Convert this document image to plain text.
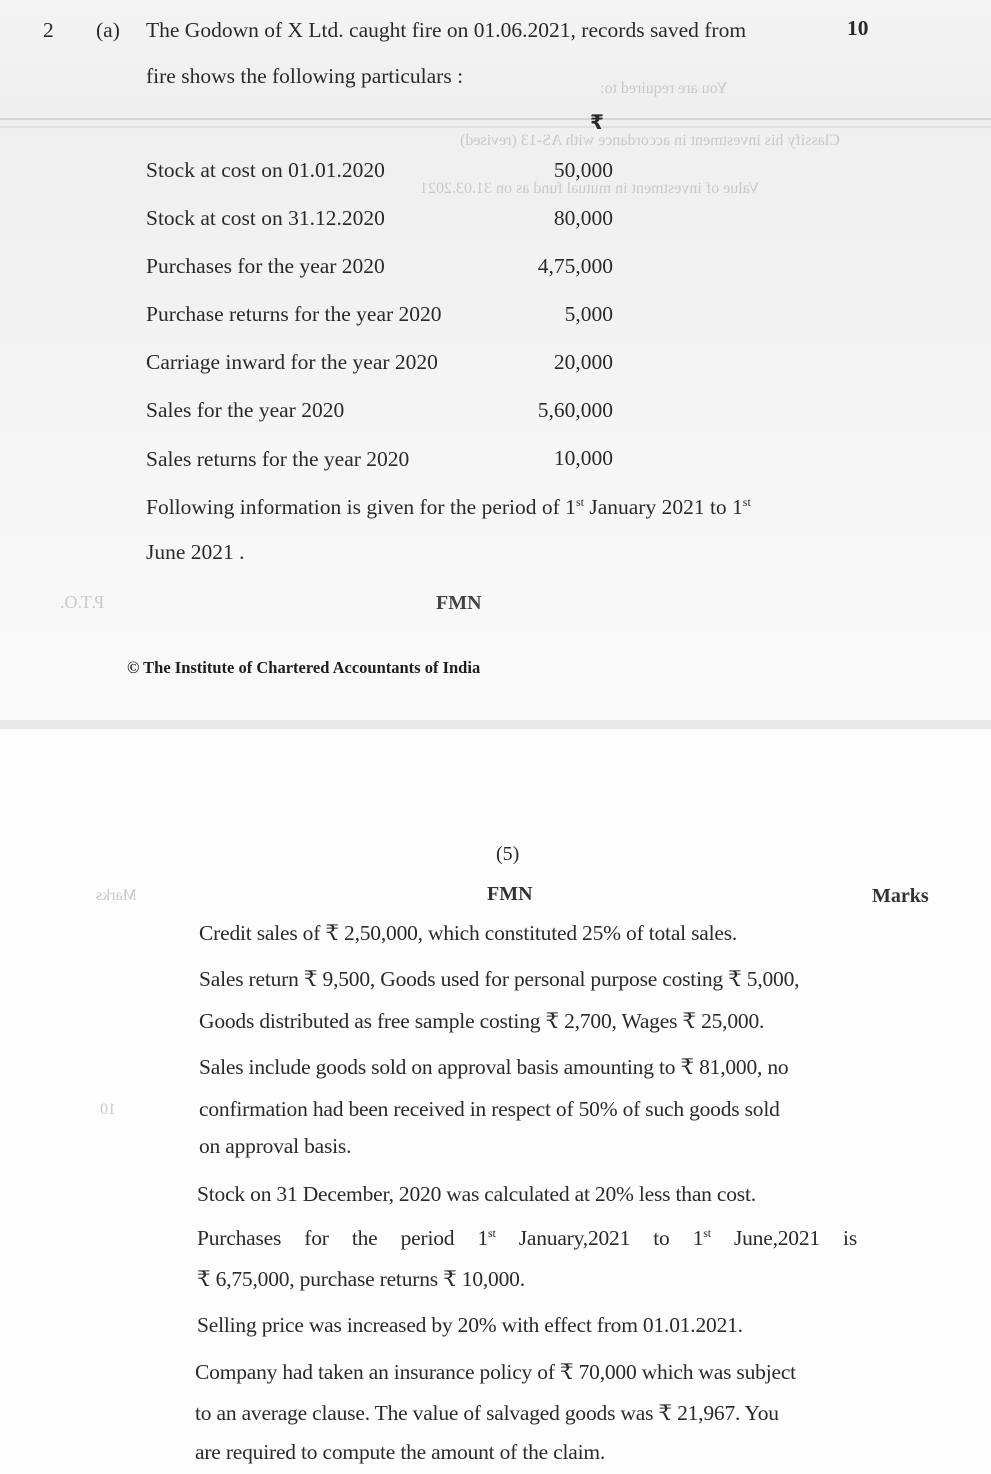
You are required to:
Classify his investment in accordance with AS-13 (revised)
Value of investment in mutual fund as on 31.03.2021
P.T.O.
2 (a) The Godown of X Ltd. caught fire on 01.06.2021, records saved from	10
fire shows the following particulars :
₹
Stock at cost on 01.01.2020	50,000
Stock at cost on 31.12.2020	80,000
Purchases for the year 2020	4,75,000
Purchase returns for the year 2020	5,000
Carriage inward for the year 2020	20,000
Sales for the year 2020	5,60,000
Sales returns for the year 2020	10,000
Following information is given for the period of 1st January 2021 to 1st
June 2021 .
FMN
© The Institute of Chartered Accountants of India
Marks
10
(5)
FMN	Marks
Credit sales of ₹ 2,50,000, which constituted 25% of total sales.
Sales return ₹ 9,500, Goods used for personal purpose costing ₹ 5,000,
Goods distributed as free sample costing ₹ 2,700, Wages ₹ 25,000.
Sales include goods sold on approval basis amounting to ₹ 81,000, no
confirmation had been received in respect of 50% of such goods sold
on approval basis.
Stock on 31 December, 2020 was calculated at 20% less than cost.
Purchases for the period 1st January,2021 to 1st June,2021 is
₹ 6,75,000, purchase returns ₹ 10,000.
Selling price was increased by 20% with effect from 01.01.2021.
Company had taken an insurance policy of ₹ 70,000 which was subject
to an average clause. The value of salvaged goods was ₹ 21,967. You
are required to compute the amount of the claim.
